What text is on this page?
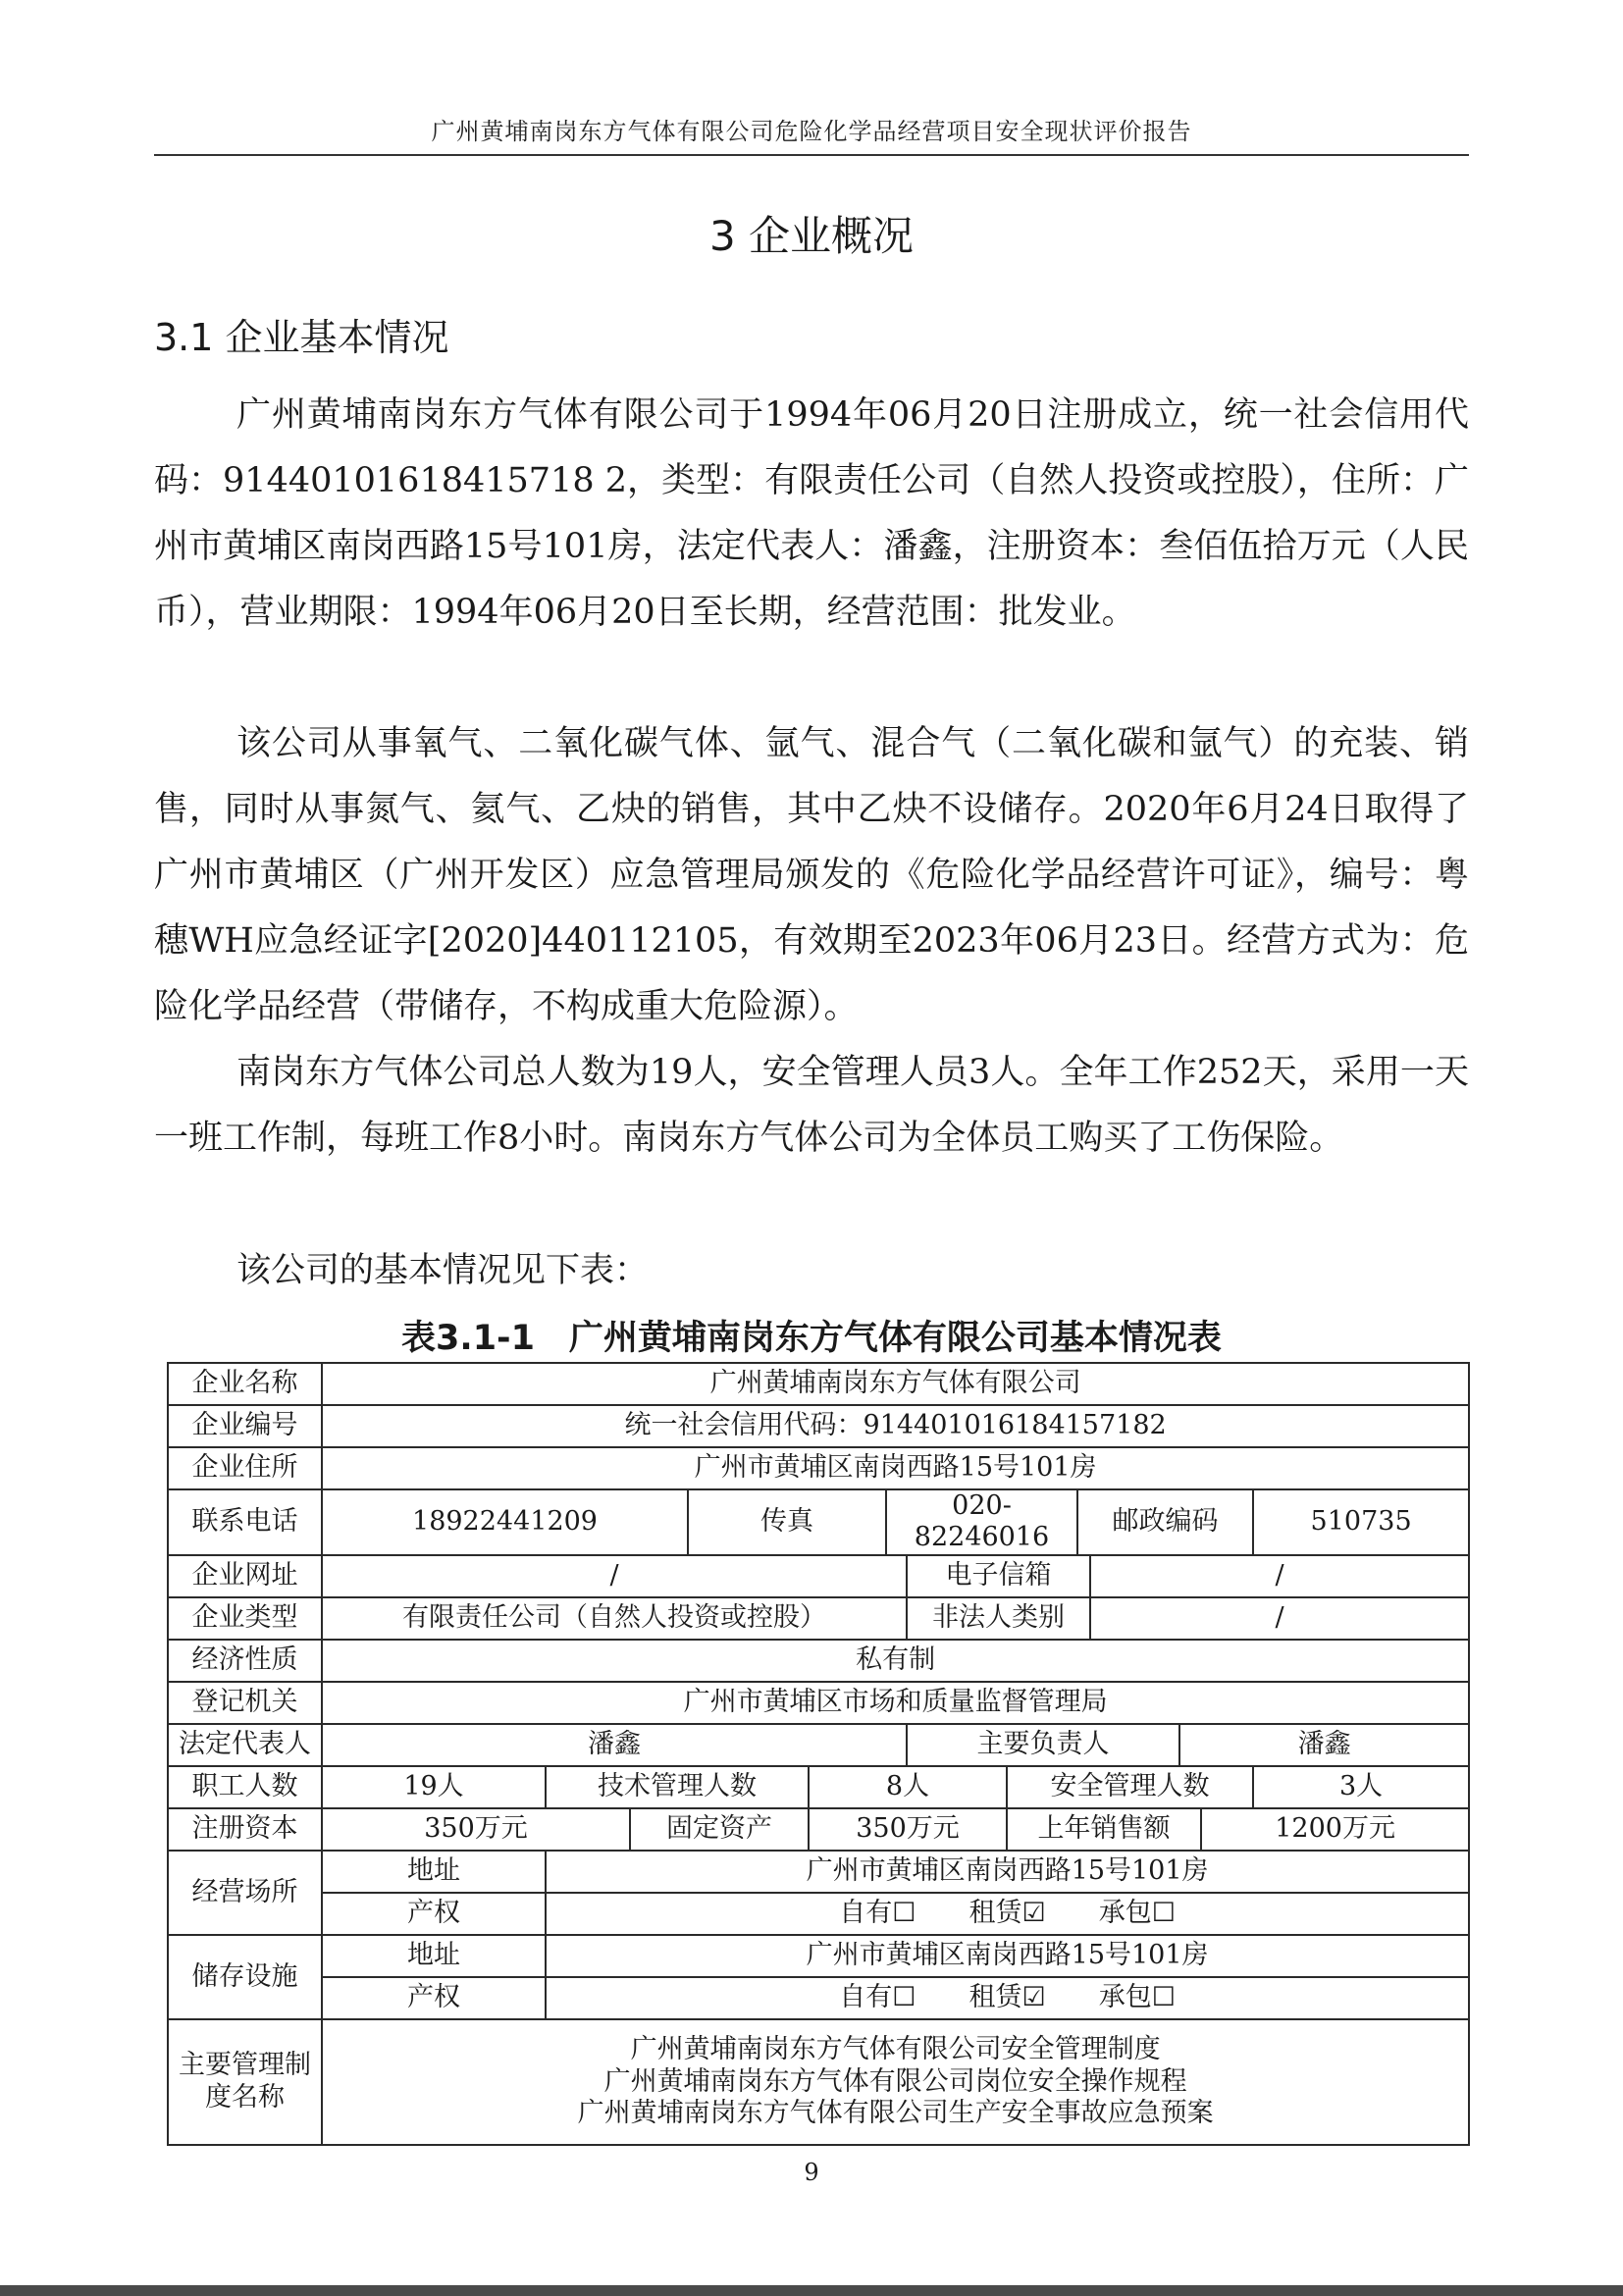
广州黄埔南岗东方气体有限公司危险化学品经营项目安全现状评价报告
3 企业概况
3.1 企业基本情况

广州黄埔南岗东方气体有限公司于1994年06月20日注册成立，统一社会信用代码：91440101618415718 2，类型：有限责任公司（自然人投资或控股），住所：广州市黄埔区南岗西路15号101房，法定代表人：潘鑫，注册资本：叁佰伍拾万元（人民币），营业期限：1994年06月20日至长期，经营范围：批发业。

该公司从事氧气、二氧化碳气体、氩气、混合气（二氧化碳和氩气）的充装、销售，同时从事氮气、氦气、乙炔的销售，其中乙炔不设储存。2020年6月24日取得了广州市黄埔区（广州开发区）应急管理局颁发的《危险化学品经营许可证》，编号：粤穗WH应急经证字[2020]440112105，有效期至2023年06月23日。经营方式为：危险化学品经营（带储存，不构成重大危险源）。

南岗东方气体公司总人数为19人，安全管理人员3人。全年工作252天，采用一天一班工作制，每班工作8小时。南岗东方气体公司为全体员工购买了工伤保险。

该公司的基本情况见下表：

表3.1-1　广州黄埔南岗东方气体有限公司基本情况表
企业名称	广州黄埔南岗东方气体有限公司												
企业编号	统一社会信用代码：914401016184157182												
企业住所	广州市黄埔区南岗西路15号101房												
联系电话	18922441209			传真		020-82246016			邮政编码				510735
企业网址	/						电子信箱			/			
企业类型	有限责任公司（自然人投资或控股）						非法人类别			/			
经济性质	私有制												
登记机关	广州市黄埔区市场和质量监督管理局												
法定代表人	潘鑫						主要负责人				潘鑫		
职工人数	19人	技术管理人数			8人			安全管理人数					3人
注册资本	350万元		固定资产		350万元			上年销售额				1200万元	
经营场所	地址	广州市黄埔区南岗西路15号101房											
	产权	自有☐　　租赁☑　　承包☐											
储存设施	地址	广州市黄埔区南岗西路15号101房											
	产权	自有☐　　租赁☑　　承包☐											
主要管理制度名称	广州黄埔南岗东方气体有限公司安全管理制度
广州黄埔南岗东方气体有限公司岗位安全操作规程
广州黄埔南岗东方气体有限公司生产安全事故应急预案												
9
